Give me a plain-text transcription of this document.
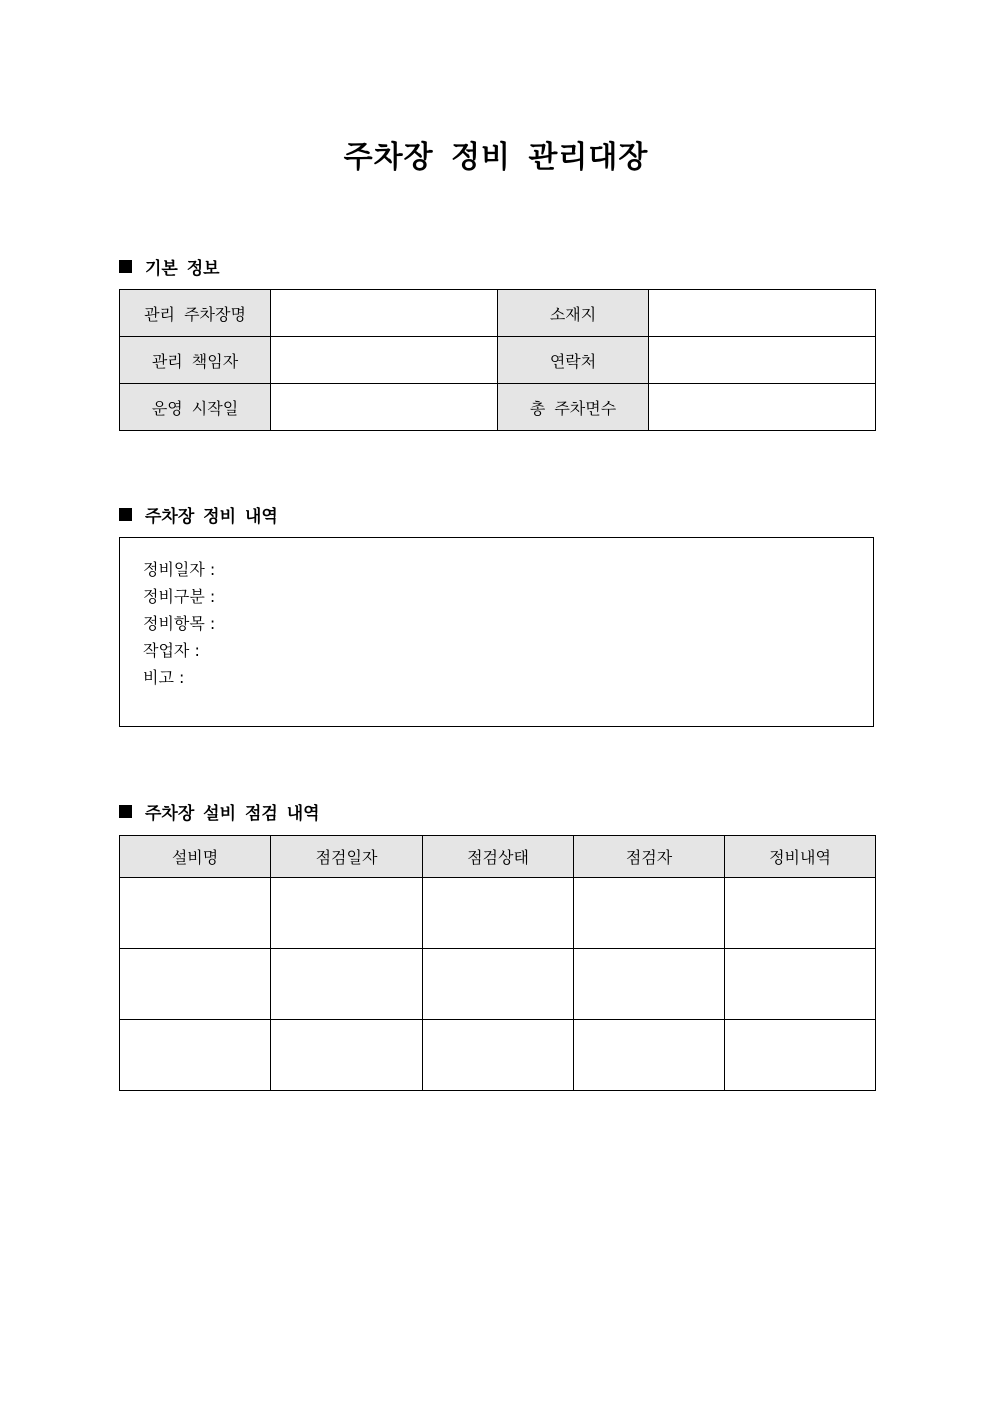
주차장 정비 관리대장
기본 정보
관리 주차장명		소재지	
관리 책임자		연락처	
운영 시작일		총 주차면수	
주차장 정비 내역
정비일자 :
정비구분 :
정비항목 :
작업자 :
비고 :
주차장 설비 점검 내역
설비명	점검일자	점검상태	점검자	정비내역
